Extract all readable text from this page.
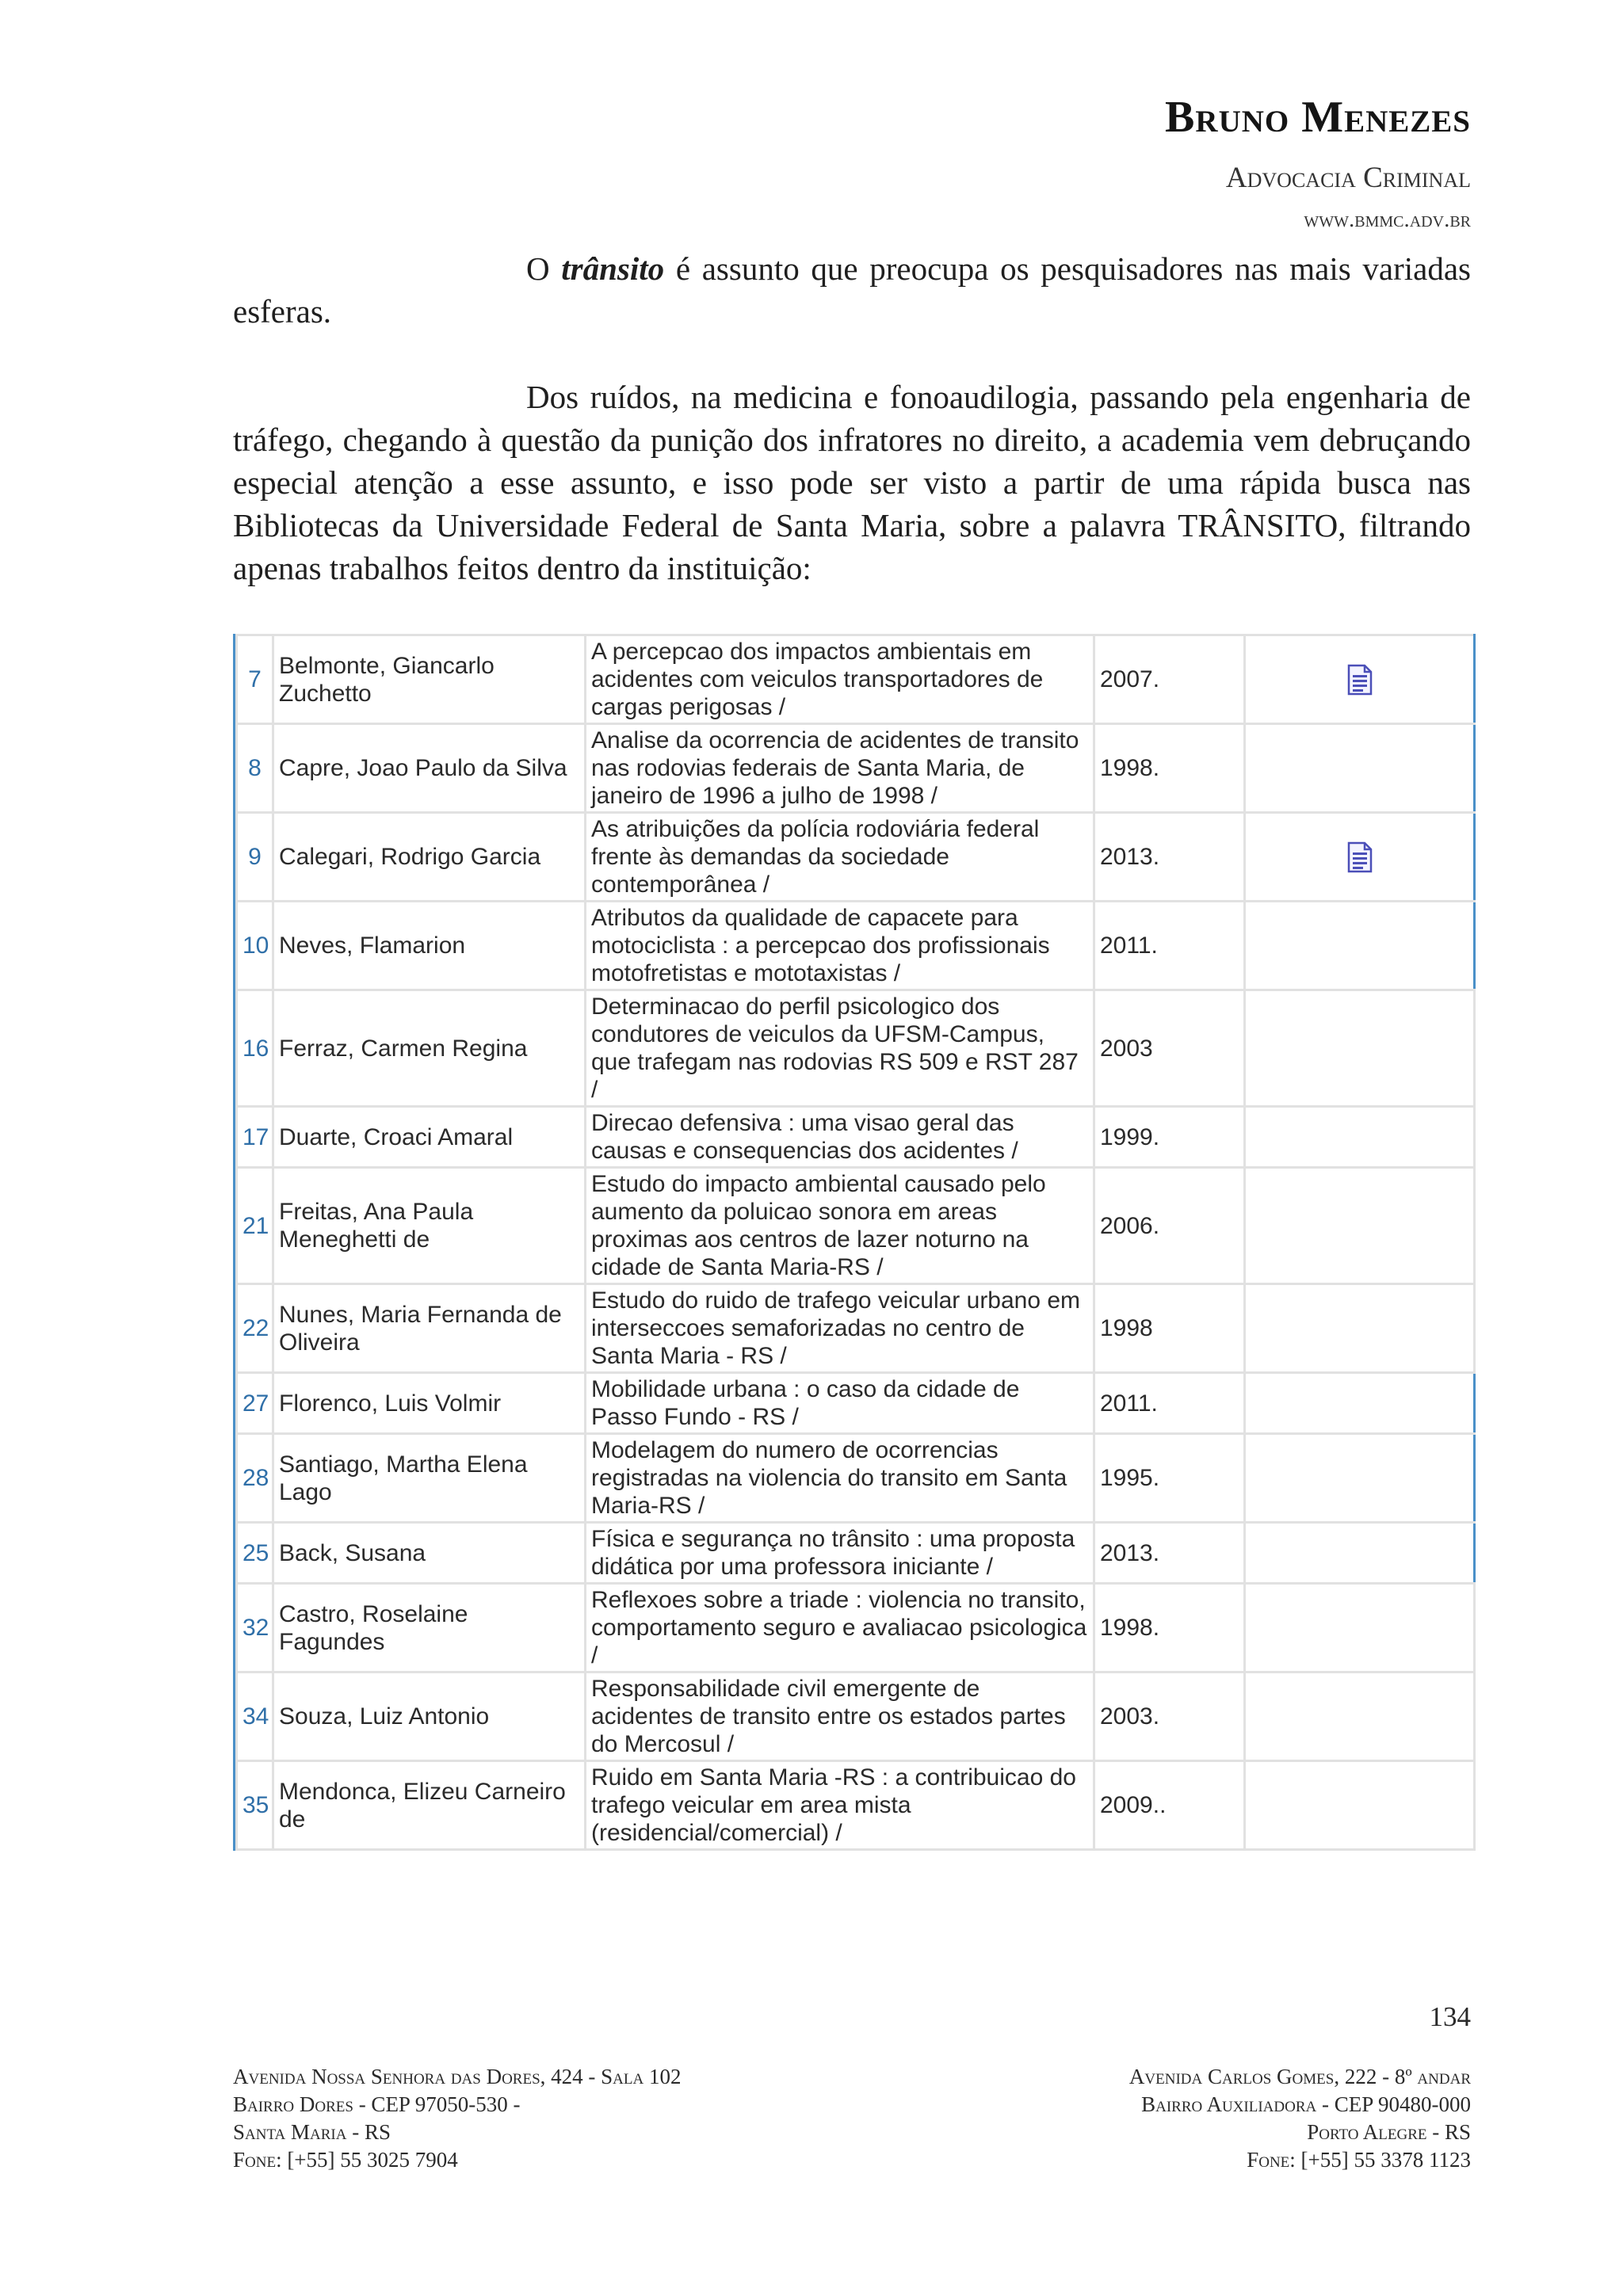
Bruno Menezes
Advocacia Criminal
www.bmmc.adv.br

O trânsito é assunto que preocupa os pesquisadores nas mais variadas esferas.

Dos ruídos, na medicina e fonoaudilogia, passando pela engenharia de tráfego, chegando à questão da punição dos infratores no direito, a academia vem debruçando especial atenção a esse assunto, e isso pode ser visto a partir de uma rápida busca nas Bibliotecas da Universidade Federal de Santa Maria, sobre a palavra TRÂNSITO, filtrando apenas trabalhos feitos dentro da instituição:

7	Belmonte, Giancarlo Zuchetto	A percepcao dos impactos ambientais em acidentes com veiculos transportadores de cargas perigosas /	2007.	
8	Capre, Joao Paulo da Silva	Analise da ocorrencia de acidentes de transito nas rodovias federais de Santa Maria, de janeiro de 1996 a julho de 1998 /	1998.	
9	Calegari, Rodrigo Garcia	As atribuições da polícia rodoviária federal frente às demandas da sociedade contemporânea /	2013.	
10	Neves, Flamarion	Atributos da qualidade de capacete para motociclista : a percepcao dos profissionais motofretistas e mototaxistas /	2011.	
16	Ferraz, Carmen Regina	Determinacao do perfil psicologico dos condutores de veiculos da UFSM-Campus, que trafegam nas rodovias RS 509 e RST 287 /	2003	
17	Duarte, Croaci Amaral	Direcao defensiva : uma visao geral das causas e consequencias dos acidentes /	1999.	
21	Freitas, Ana Paula Meneghetti de	Estudo do impacto ambiental causado pelo aumento da poluicao sonora em areas proximas aos centros de lazer noturno na cidade de Santa Maria-RS /	2006.	
22	Nunes, Maria Fernanda de Oliveira	Estudo do ruido de trafego veicular urbano em interseccoes semaforizadas no centro de Santa Maria - RS /	1998	
27	Florenco, Luis Volmir	Mobilidade urbana : o caso da cidade de Passo Fundo - RS /	2011.	
28	Santiago, Martha Elena Lago	Modelagem do numero de ocorrencias registradas na violencia do transito em Santa Maria-RS /	1995.	
25	Back, Susana	Física e segurança no trânsito : uma proposta didática por uma professora iniciante /	2013.	
32	Castro, Roselaine Fagundes	Reflexoes sobre a triade : violencia no transito, comportamento seguro e avaliacao psicologica /	1998.	
34	Souza, Luiz Antonio	Responsabilidade civil emergente de acidentes de transito entre os estados partes do Mercosul /	2003.	
35	Mendonca, Elizeu Carneiro de	Ruido em Santa Maria -RS : a contribuicao do trafego veicular em area mista (residencial/comercial) /	2009..	
134
Avenida Nossa Senhora das Dores, 424 - Sala 102
Bairro Dores - CEP 97050-530 -
Santa Maria - RS
Fone: [+55] 55 3025 7904
Avenida Carlos Gomes, 222 - 8º andar
Bairro Auxiliadora - CEP 90480-000
Porto Alegre - RS
Fone: [+55] 55 3378 1123
